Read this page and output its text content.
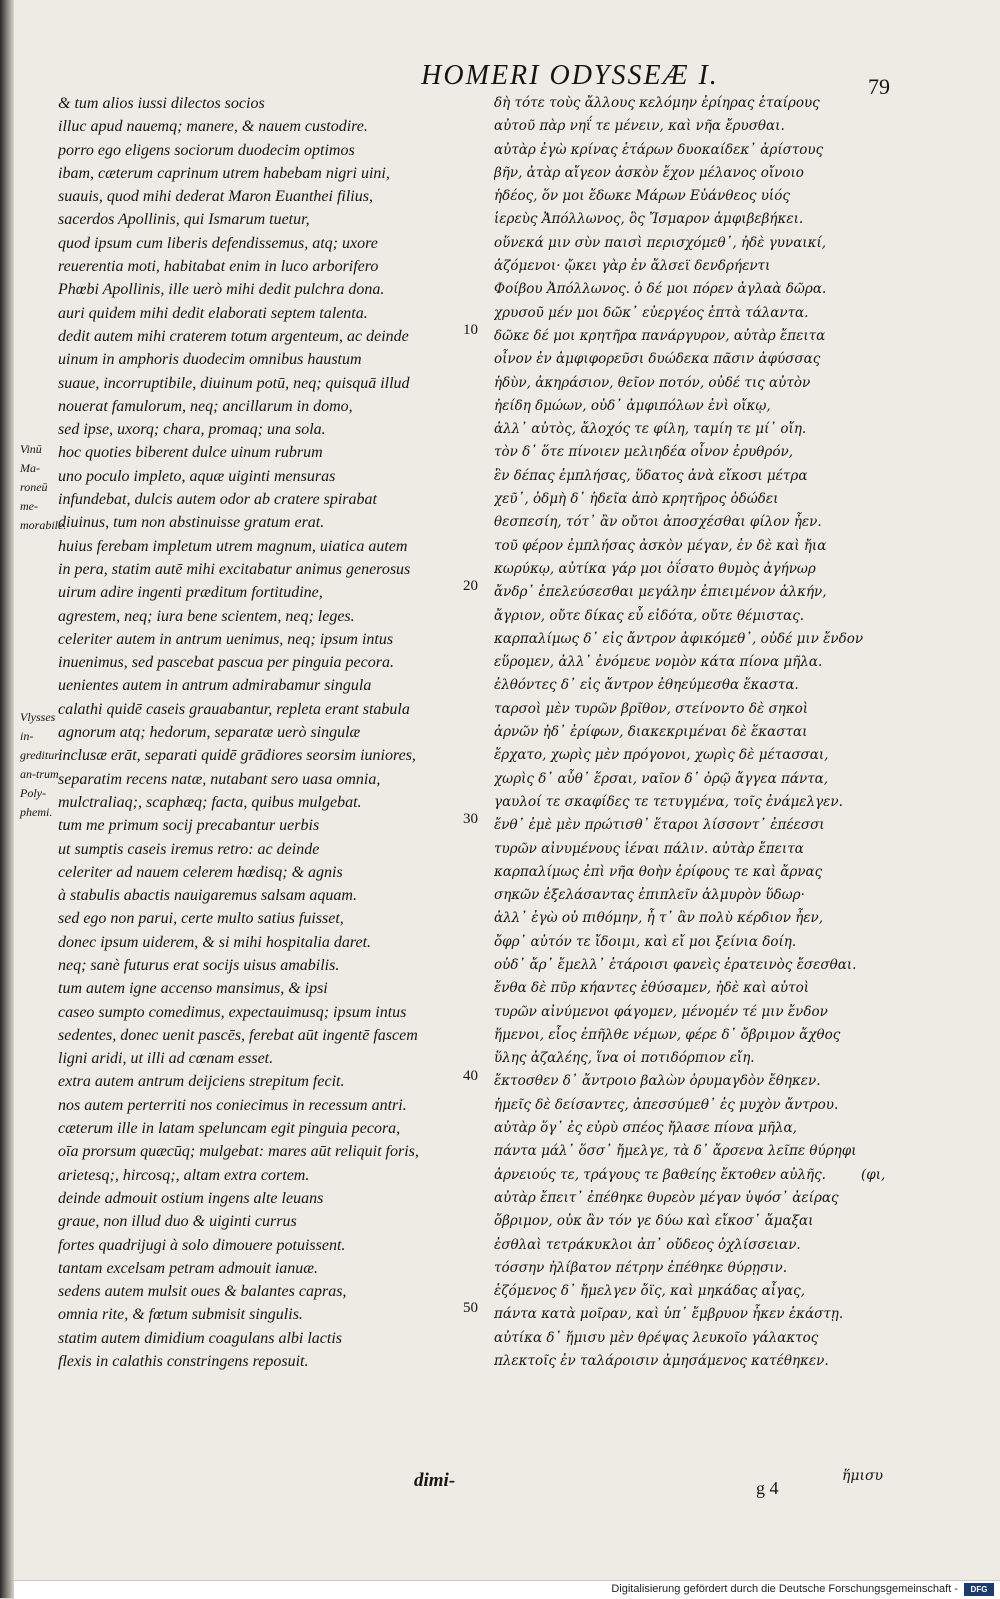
HOMERI ODYSSEÆ I.	79
& tum alios iussi dilectos socios
illuc apud nauemq; manere, & nauem custodire.
porro ego eligens sociorum duodecim optimos
ibam, cæterum caprinum utrem habebam nigri uini,
suauis, quod mihi dederat Maron Euanthei filius,
sacerdos Apollinis, qui Ismarum tuetur,
quod ipsum cum liberis defendissemus, atq; uxore
reuerentia moti, habitabat enim in luco arborifero
Phœbi Apollinis, ille uerò mihi dedit pulchra dona.
auri quidem mihi dedit elaborati septem talenta.
dedit autem mihi craterem totum argenteum, ac deinde
uinum in amphoris duodecim omnibus haustum
suaue, incorruptibile, diuinum potū, neq; quisquā illud
nouerat famulorum, neq; ancillarum in domo,
sed ipse, uxorq; chara, promaq; una sola.
hoc quoties biberent dulce uinum rubrum
uno poculo impleto, aquæ uiginti mensuras
infundebat, dulcis autem odor ab cratere spirabat
diuinus, tum non abstinuisse gratum erat.
huius ferebam impletum utrem magnum, uiatica autem
in pera, statim autē mihi excitabatur animus generosus
uirum adire ingenti præditum fortitudine,
agrestem, neq; iura bene scientem, neq; leges.
celeriter autem in antrum uenimus, neq; ipsum intus
inuenimus, sed pascebat pascua per pinguia pecora.
uenientes autem in antrum admirabamur singula
calathi quidē caseis grauabantur, repleta erant stabula
agnorum atq; hedorum, separatæ uerò singulæ
inclusæ erāt, separati quidē grādiores seorsim iuniores,
separatim recens natæ, nutabant sero uasa omnia,
mulctraliaq;, scaphæq; facta, quibus mulgebat.
tum me primum socij precabantur uerbis
ut sumptis caseis iremus retro: ac deinde
celeriter ad nauem celerem hœdisq; & agnis
à stabulis abactis nauigaremus salsam aquam.
sed ego non parui, certe multo satius fuisset,
donec ipsum uiderem, & si mihi hospitalia daret.
neq; sanè futurus erat socijs uisus amabilis.
tum autem igne accenso mansimus, & ipsi
caseo sumpto comedimus, expectauimusq; ipsum intus
sedentes, donec uenit pascēs, ferebat aūt ingentē fascem
ligni aridi, ut illi ad cœnam esset.
extra autem antrum deijciens strepitum fecit.
nos autem perterriti nos coniecimus in recessum antri.
cæterum ille in latam speluncam egit pinguia pecora,
oīa prorsum quæcūq; mulgebat: mares aūt reliquit foris,
arietesq;, hircosq;, altam extra cortem.
deinde admouit ostium ingens alte leuans
graue, non illud duo & uiginti currus
fortes quadrijugi à solo dimouere potuissent.
tantam excelsam petram admouit ianuæ.
sedens autem mulsit oues & balantes capras,
omnia rite, & fœtum submisit singulis.
statim autem dimidium coagulans albi lactis
flexis in calathis constringens reposuit.
δὴ τότε τοὺς ἄλλους κελόμην ἐρίηρας ἑταίρους
αὐτοῦ πὰρ νηΐ τε μένειν, καὶ νῆα ἔρυσθαι.
αὐτὰρ ἐγὼ κρίνας ἑτάρων δυοκαίδεκ᾽ ἀρίστους
βῆν, ἀτὰρ αἴγεον ἀσκὸν ἔχον μέλανος οἴνοιο
ἡδέος, ὅν μοι ἔδωκε Μάρων Εὐάνθεος υἱός
ἱερεὺς Ἀπόλλωνος, ὃς Ἴσμαρον ἀμφιβεβήκει.
οὕνεκά μιν σὺν παισὶ περισχόμεθ᾽, ἠδὲ γυναικί,
ἁζόμενοι· ᾤκει γὰρ ἐν ἄλσεϊ δενδρήεντι
Φοίβου Ἀπόλλωνος. ὁ δέ μοι πόρεν ἀγλαὰ δῶρα.
χρυσοῦ μέν μοι δῶκ᾽ εὐεργέος ἑπτὰ τάλαντα.
δῶκε δέ μοι κρητῆρα πανάργυρον, αὐτὰρ ἔπειτα
οἶνον ἐν ἀμφιφορεῦσι δυώδεκα πᾶσιν ἀφύσσας
ἡδὺν, ἀκηράσιον, θεῖον ποτόν, οὐδέ τις αὐτὸν
ἠείδη δμώων, οὐδ᾽ ἀμφιπόλων ἐνὶ οἴκῳ,
ἀλλ᾽ αὐτὸς, ἄλοχός τε φίλη, ταμίη τε μί᾽ οἴη.
τὸν δ᾽ ὅτε πίνοιεν μελιηδέα οἶνον ἐρυθρόν,
ἓν δέπας ἐμπλήσας, ὕδατος ἀνὰ εἴκοσι μέτρα
χεῦ᾽, ὀδμὴ δ᾽ ἡδεῖα ἀπὸ κρητῆρος ὀδώδει
θεσπεσίη, τότ᾽ ἂν οὔτοι ἀποσχέσθαι φίλον ἦεν.
τοῦ φέρον ἐμπλήσας ἀσκὸν μέγαν, ἐν δὲ καὶ ἤια
κωρύκῳ, αὐτίκα γάρ μοι ὀΐσατο θυμὸς ἀγήνωρ
ἄνδρ᾽ ἐπελεύσεσθαι μεγάλην ἐπιειμένον ἀλκήν,
ἄγριον, οὔτε δίκας εὖ εἰδότα, οὔτε θέμιστας.
καρπαλίμως δ᾽ εἰς ἄντρον ἀφικόμεθ᾽, οὐδέ μιν ἔνδον
εὕρομεν, ἀλλ᾽ ἐνόμευε νομὸν κάτα πίονα μῆλα.
ἐλθόντες δ᾽ εἰς ἄντρον ἐθηεύμεσθα ἕκαστα.
ταρσοὶ μὲν τυρῶν βρῖθον, στείνοντο δὲ σηκοὶ
ἀρνῶν ἠδ᾽ ἐρίφων, διακεκριμέναι δὲ ἕκασται
ἔρχατο, χωρὶς μὲν πρόγονοι, χωρὶς δὲ μέτασσαι,
χωρὶς δ᾽ αὖθ᾽ ἕρσαι, ναῖον δ᾽ ὀρῷ ἄγγεα πάντα,
γαυλοί τε σκαφίδες τε τετυγμένα, τοῖς ἐνάμελγεν.
ἔνθ᾽ ἐμὲ μὲν πρώτισθ᾽ ἕταροι λίσσοντ᾽ ἐπέεσσι
τυρῶν αἰνυμένους ἰέναι πάλιν. αὐτὰρ ἔπειτα
καρπαλίμως ἐπὶ νῆα θοὴν ἐρίφους τε καὶ ἄρνας
σηκῶν ἐξελάσαντας ἐπιπλεῖν ἁλμυρὸν ὕδωρ·
ἀλλ᾽ ἐγὼ οὐ πιθόμην, ἦ τ᾽ ἂν πολὺ κέρδιον ἦεν,
ὄφρ᾽ αὐτόν τε ἴδοιμι, καὶ εἴ μοι ξείνια δοίη.
οὐδ᾽ ἄρ᾽ ἔμελλ᾽ ἑτάροισι φανεὶς ἐρατεινὸς ἔσεσθαι.
ἔνθα δὲ πῦρ κήαντες ἐθύσαμεν, ἠδὲ καὶ αὐτοὶ
τυρῶν αἰνύμενοι φάγομεν, μένομέν τέ μιν ἔνδον
ἥμενοι, εἷος ἐπῆλθε νέμων, φέρε δ᾽ ὄβριμον ἄχθος
ὕλης ἀζαλέης, ἵνα οἱ ποτιδόρπιον εἴη.
ἔκτοσθεν δ᾽ ἄντροιο βαλὼν ὀρυμαγδὸν ἔθηκεν.
ἡμεῖς δὲ δείσαντες, ἀπεσσύμεθ᾽ ἐς μυχὸν ἄντρου.
αὐτὰρ ὅγ᾽ ἐς εὐρὺ σπέος ἤλασε πίονα μῆλα,
πάντα μάλ᾽ ὅσσ᾽ ἤμελγε, τὰ δ᾽ ἄρσενα λεῖπε θύρηφι
ἀρνειούς τε, τράγους τε βαθείης ἔκτοθεν αὐλῆς.
αὐτὰρ ἔπειτ᾽ ἐπέθηκε θυρεὸν μέγαν ὑψόσ᾽ ἀείρας
ὄβριμον, οὐκ ἂν τόν γε δύω καὶ εἴκοσ᾽ ἄμαξαι
ἐσθλαὶ τετράκυκλοι ἀπ᾽ οὔδεος ὀχλίσσειαν.
τόσσην ἠλίβατον πέτρην ἐπέθηκε θύρῃσιν.
ἑζόμενος δ᾽ ἤμελγεν ὄϊς, καὶ μηκάδας αἶγας,
πάντα κατὰ μοῖραν, καὶ ὑπ᾽ ἔμβρυον ἧκεν ἑκάστῃ.
αὐτίκα δ᾽ ἥμισυ μὲν θρέψας λευκοῖο γάλακτος
πλεκτοῖς ἐν ταλάροισιν ἀμησάμενος κατέθηκεν.
10
20
30
40
50
Vinū Ma-roneū me-morabile.
Vlysses in-greditur an-trum Poly-phemi.
dimi-	g 4
ἥμισυ
(φι,
Digitalisierung gefördert durch die Deutsche Forschungsgemeinschaft -	DFG
